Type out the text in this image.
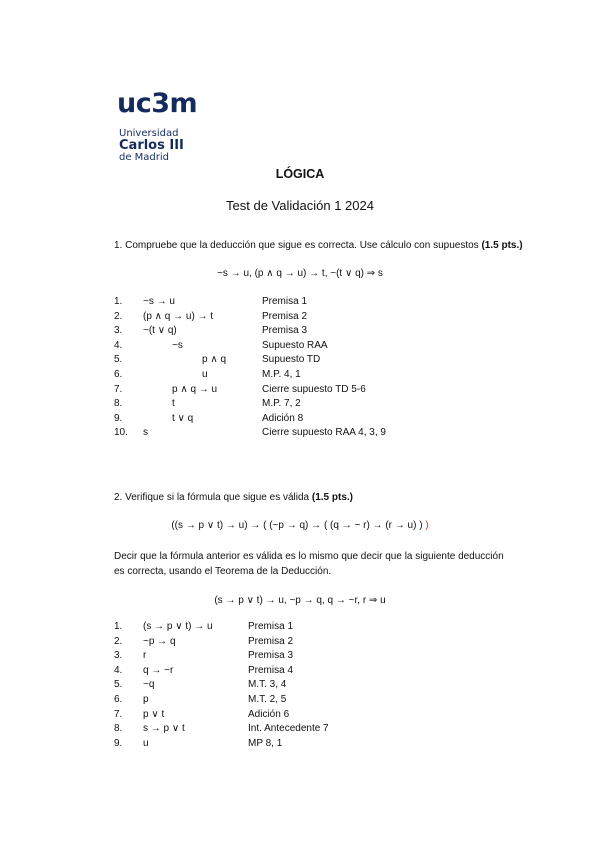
uc3m
Universidad
Carlos III
de Madrid
LÓGICA
Test de Validación 1 2024
1. Compruebe que la deducción que sigue es correcta. Use cálculo con supuestos (1.5 pts.)
~s → u, (p ∧ q → u) → t, ~(t ∨ q) ⇒ s
1. ~s → u	Premisa 1
2. (p ∧ q → u) → t	Premisa 2
3. ~(t ∨ q)	Premisa 3
4.	~s	Supuesto RAA
5.	p ∧ q	Supuesto TD
6.	u	M.P. 4, 1
7.	p ∧ q → u	Cierre supuesto TD 5-6
8.	t	M.P. 7, 2
9.	t ∨ q	Adición 8
10. s	Cierre supuesto RAA 4, 3, 9
2. Verifique si la fórmula que sigue es válida (1.5 pts.)
((s → p ∨ t) → u) → ( (~p → q) → ( (q → ~ r) → (r → u) ) )
Decir que la fórmula anterior es válida es lo mismo que decir que la siguiente deducción es correcta, usando el Teorema de la Deducción.
(s → p ∨ t) → u, ~p → q, q → ~r, r ⇒ u
1. (s → p ∨ t) → u	Premisa 1
2. ~p → q	Premisa 2
3. r	Premisa 3
4. q → ~r	Premisa 4
5. ~q	M.T. 3, 4
6. p	M.T. 2, 5
7. p ∨ t	Adición 6
8. s → p ∨ t	Int. Antecedente 7
9. u	MP 8, 1
